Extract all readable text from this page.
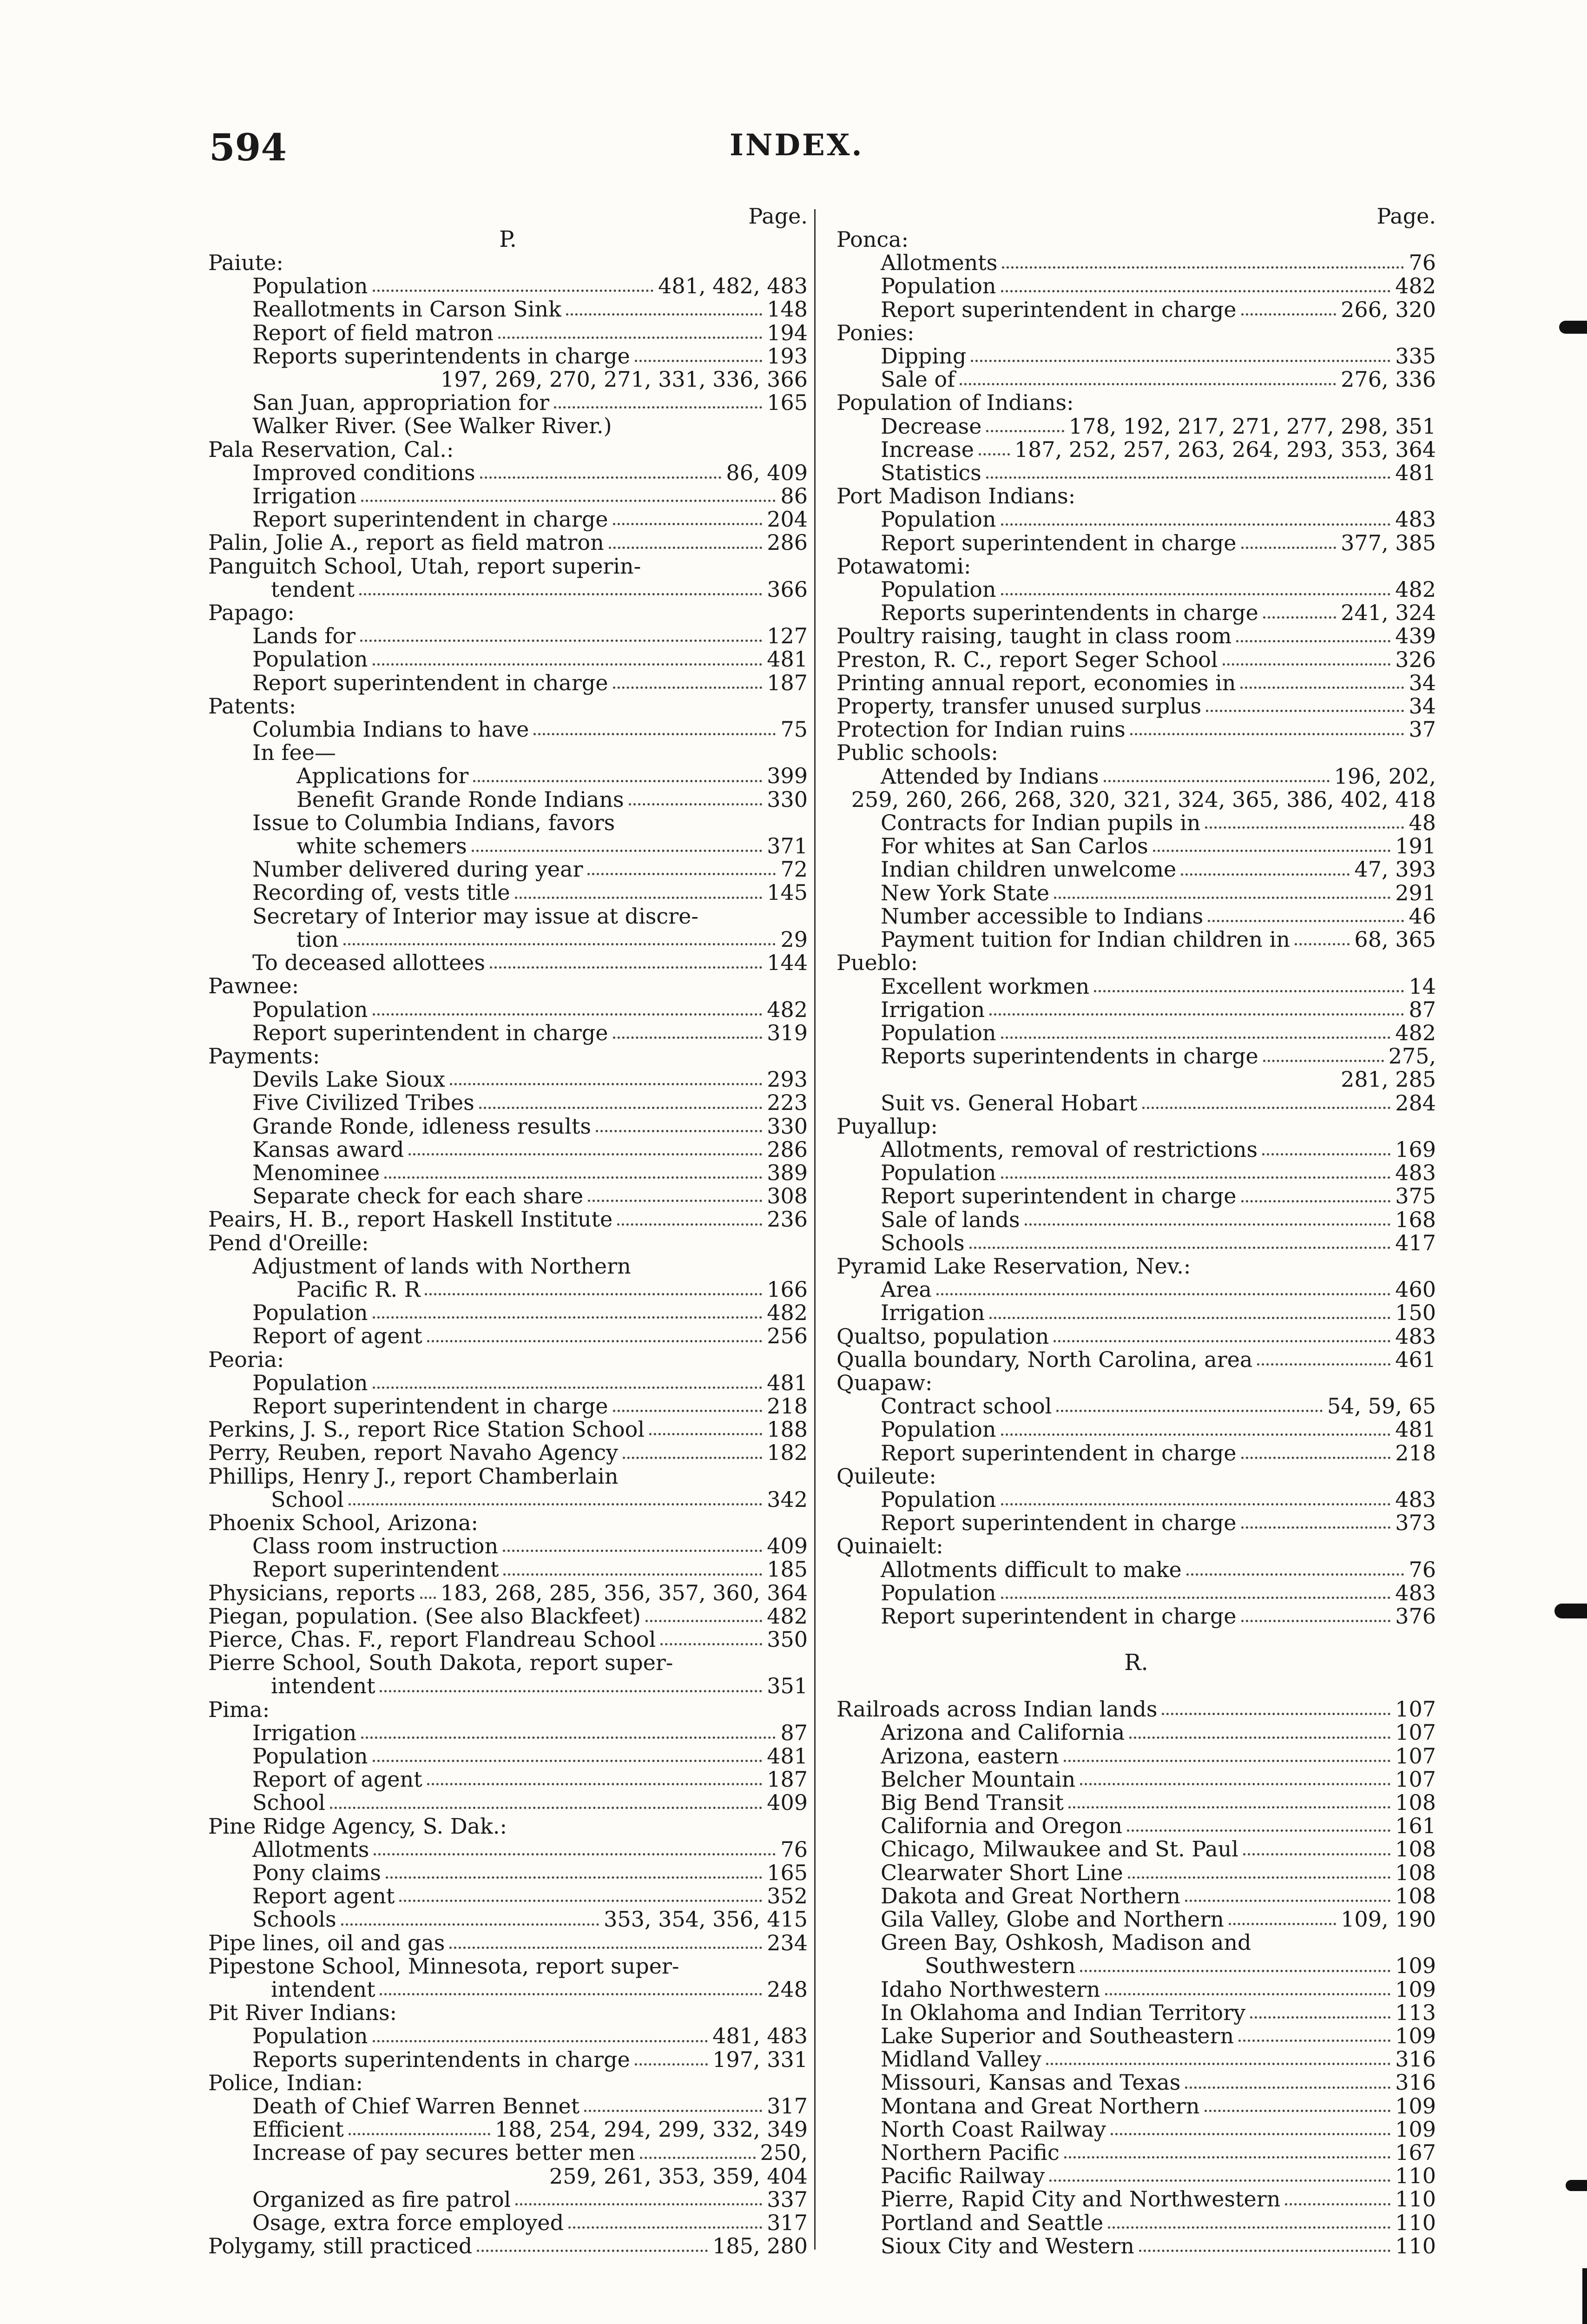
594	INDEX.
Page.
P.
Paiute:
Population	481, 482, 483
Reallotments in Carson Sink	148
Report of field matron	194
Reports superintendents in charge	193
197, 269, 270, 271, 331, 336, 366
San Juan, appropriation for	165
Walker River. (See Walker River.)
Pala Reservation, Cal.:
Improved conditions	86, 409
Irrigation	86
Report superintendent in charge	204
Palin, Jolie A., report as field matron	286
Panguitch School, Utah, report superin-
tendent	366
Papago:
Lands for	127
Population	481
Report superintendent in charge	187
Patents:
Columbia Indians to have	75
In fee—
Applications for	399
Benefit Grande Ronde Indians	330
Issue to Columbia Indians, favors
white schemers	371
Number delivered during year	72
Recording of, vests title	145
Secretary of Interior may issue at discre-
tion	29
To deceased allottees	144
Pawnee:
Population	482
Report superintendent in charge	319
Payments:
Devils Lake Sioux	293
Five Civilized Tribes	223
Grande Ronde, idleness results	330
Kansas award	286
Menominee	389
Separate check for each share	308
Peairs, H. B., report Haskell Institute	236
Pend d'Oreille:
Adjustment of lands with Northern
Pacific R. R	166
Population	482
Report of agent	256
Peoria:
Population	481
Report superintendent in charge	218
Perkins, J. S., report Rice Station School	188
Perry, Reuben, report Navaho Agency	182
Phillips, Henry J., report Chamberlain
School	342
Phoenix School, Arizona:
Class room instruction	409
Report superintendent	185
Physicians, reports 183, 268, 285, 356, 357, 360, 364
Piegan, population. (See also Blackfeet)	482
Pierce, Chas. F., report Flandreau School	350
Pierre School, South Dakota, report super-
intendent	351
Pima:
Irrigation	87
Population	481
Report of agent	187
School	409
Pine Ridge Agency, S. Dak.:
Allotments	76
Pony claims	165
Report agent	352
Schools	353, 354, 356, 415
Pipe lines, oil and gas	234
Pipestone School, Minnesota, report super-
intendent	248
Pit River Indians:
Population	481, 483
Reports superintendents in charge	197, 331
Police, Indian:
Death of Chief Warren Bennet	317
Efficient	188, 254, 294, 299, 332, 349
Increase of pay secures better men	250,
259, 261, 353, 359, 404
Organized as fire patrol	337
Osage, extra force employed	317
Polygamy, still practiced	185, 280
Page.
Ponca:
Allotments	76
Population	482
Report superintendent in charge	266, 320
Ponies:
Dipping	335
Sale of	276, 336
Population of Indians:
Decrease	178, 192, 217, 271, 277, 298, 351
Increase 187, 252, 257, 263, 264, 293, 353, 364
Statistics	481
Port Madison Indians:
Population	483
Report superintendent in charge	377, 385
Potawatomi:
Population	482
Reports superintendents in charge	241, 324
Poultry raising, taught in class room	439
Preston, R. C., report Seger School	326
Printing annual report, economies in	34
Property, transfer unused surplus	34
Protection for Indian ruins	37
Public schools:
Attended by Indians	196, 202,
259, 260, 266, 268, 320, 321, 324, 365, 386, 402, 418
Contracts for Indian pupils in	48
For whites at San Carlos	191
Indian children unwelcome	47, 393
New York State	291
Number accessible to Indians	46
Payment tuition for Indian children in	68, 365
Pueblo:
Excellent workmen	14
Irrigation	87
Population	482
Reports superintendents in charge	275,
281, 285
Suit vs. General Hobart	284
Puyallup:
Allotments, removal of restrictions	169
Population	483
Report superintendent in charge	375
Sale of lands	168
Schools	417
Pyramid Lake Reservation, Nev.:
Area	460
Irrigation	150
Qualtso, population	483
Qualla boundary, North Carolina, area	461
Quapaw:
Contract school	54, 59, 65
Population	481
Report superintendent in charge	218
Quileute:
Population	483
Report superintendent in charge	373
Quinaielt:
Allotments difficult to make	76
Population	483
Report superintendent in charge	376
R.
Railroads across Indian lands	107
Arizona and California	107
Arizona, eastern	107
Belcher Mountain	107
Big Bend Transit	108
California and Oregon	161
Chicago, Milwaukee and St. Paul	108
Clearwater Short Line	108
Dakota and Great Northern	108
Gila Valley, Globe and Northern	109, 190
Green Bay, Oshkosh, Madison and
Southwestern	109
Idaho Northwestern	109
In Oklahoma and Indian Territory	113
Lake Superior and Southeastern	109
Midland Valley	316
Missouri, Kansas and Texas	316
Montana and Great Northern	109
North Coast Railway	109
Northern Pacific	167
Pacific Railway	110
Pierre, Rapid City and Northwestern	110
Portland and Seattle	110
Sioux City and Western	110
